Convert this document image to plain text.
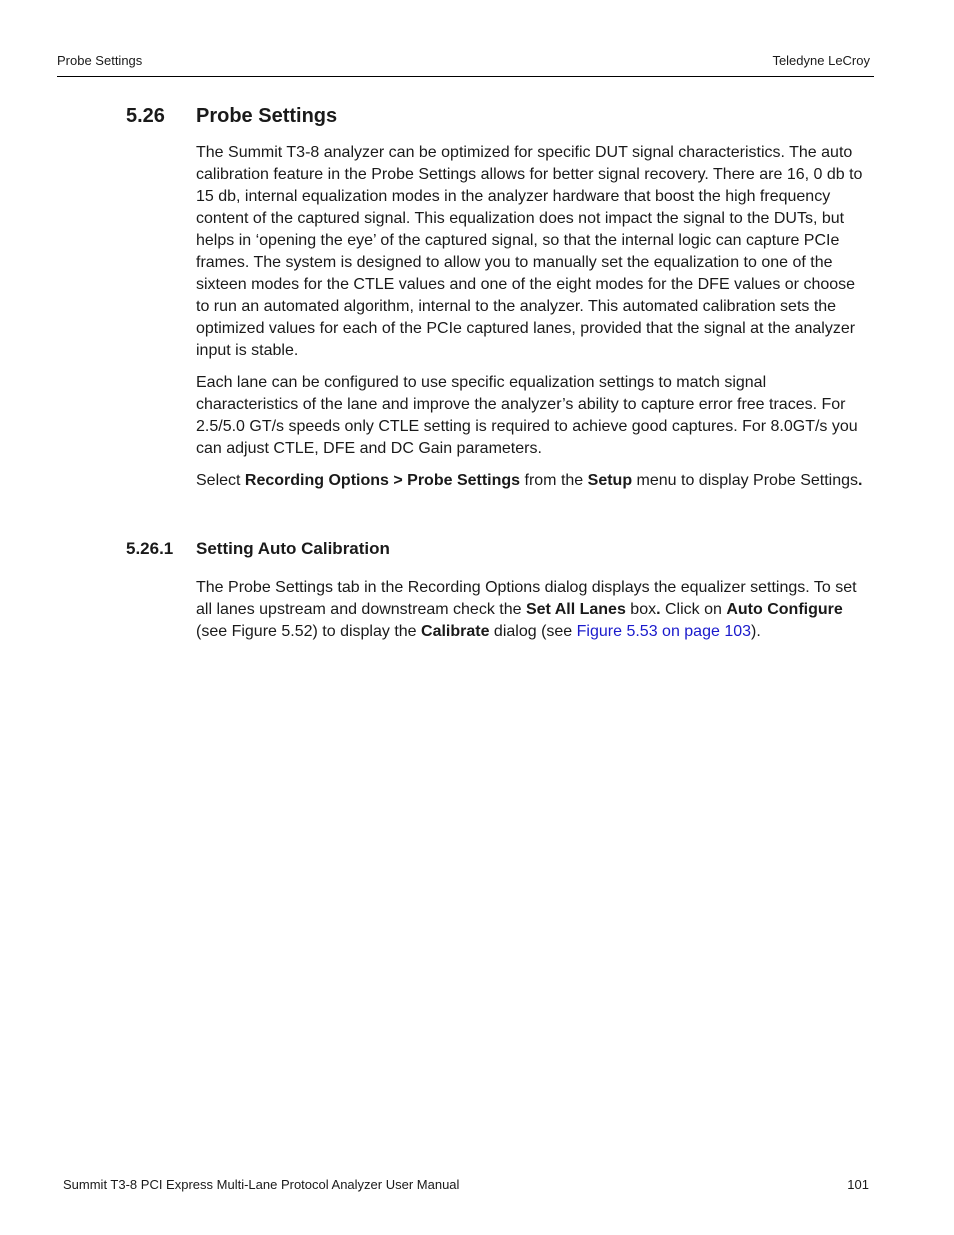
Probe Settings	Teledyne LeCroy
5.26 Probe Settings

The Summit T3-8 analyzer can be optimized for specific DUT signal characteristics. The auto calibration feature in the Probe Settings allows for better signal recovery. There are 16, 0 db to 15 db, internal equalization modes in the analyzer hardware that boost the high frequency content of the captured signal. This equalization does not impact the signal to the DUTs, but helps in ‘opening the eye’ of the captured signal, so that the internal logic can capture PCIe frames. The system is designed to allow you to manually set the equalization to one of the sixteen modes for the CTLE values and one of the eight modes for the DFE values or choose to run an automated algorithm, internal to the analyzer. This automated calibration sets the optimized values for each of the PCIe captured lanes, provided that the signal at the analyzer input is stable.

Each lane can be configured to use specific equalization settings to match signal characteristics of the lane and improve the analyzer’s ability to capture error free traces. For 2.5/5.0 GT/s speeds only CTLE setting is required to achieve good captures. For 8.0GT/s you can adjust CTLE, DFE and DC Gain parameters.

Select Recording Options > Probe Settings from the Setup menu to display Probe Settings.

5.26.1 Setting Auto Calibration

The Probe Settings tab in the Recording Options dialog displays the equalizer settings. To set all lanes upstream and downstream check the Set All Lanes box. Click on Auto Configure (see Figure 5.52) to display the Calibrate dialog (see Figure 5.53 on page 103).

Summit T3-8 PCI Express Multi-Lane Protocol Analyzer User Manual	101
